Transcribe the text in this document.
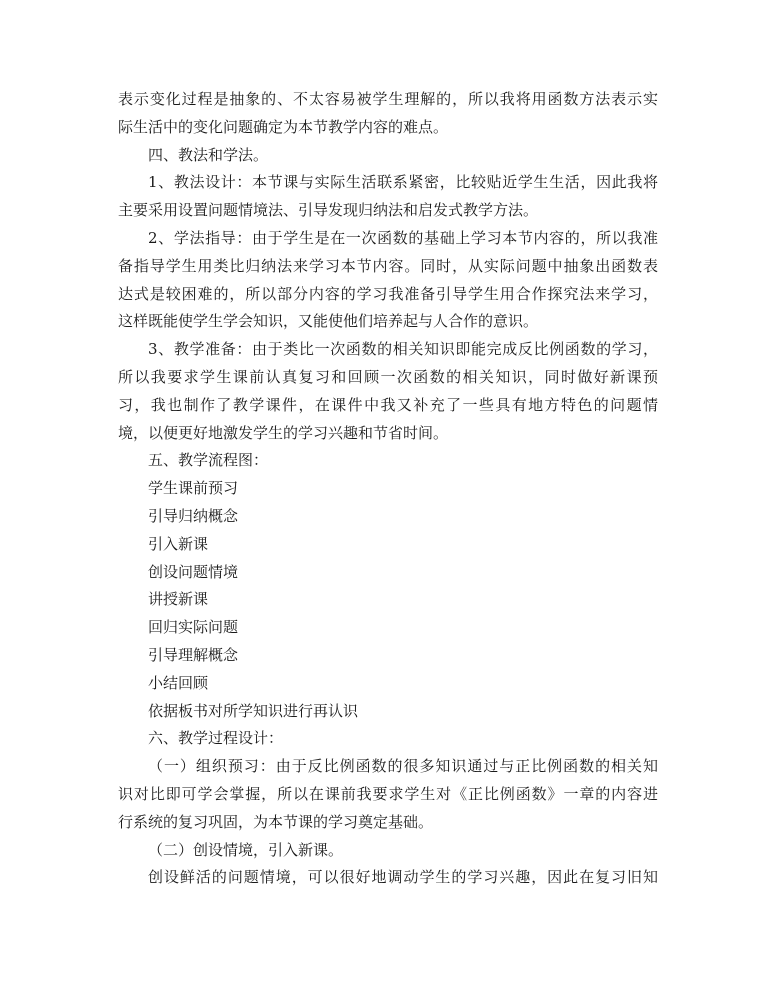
表示变化过程是抽象的、不太容易被学生理解的，所以我将用函数方法表示实
际生活中的变化问题确定为本节教学内容的难点。
四、教法和学法。
1、教法设计：本节课与实际生活联系紧密，比较贴近学生生活，因此我将
主要采用设置问题情境法、引导发现归纳法和启发式教学方法。
2、学法指导：由于学生是在一次函数的基础上学习本节内容的，所以我准
备指导学生用类比归纳法来学习本节内容。同时，从实际问题中抽象出函数表
达式是较困难的，所以部分内容的学习我准备引导学生用合作探究法来学习，
这样既能使学生学会知识，又能使他们培养起与人合作的意识。
3、教学准备：由于类比一次函数的相关知识即能完成反比例函数的学习，
所以我要求学生课前认真复习和回顾一次函数的相关知识，同时做好新课预
习，我也制作了教学课件，在课件中我又补充了一些具有地方特色的问题情
境，以便更好地激发学生的学习兴趣和节省时间。
五、教学流程图：
学生课前预习
引导归纳概念
引入新课
创设问题情境
讲授新课
回归实际问题
引导理解概念
小结回顾
依据板书对所学知识进行再认识
六、教学过程设计：
（一）组织预习：由于反比例函数的很多知识通过与正比例函数的相关知
识对比即可学会掌握，所以在课前我要求学生对《正比例函数》一章的内容进
行系统的复习巩固，为本节课的学习奠定基础。
（二）创设情境，引入新课。
创设鲜活的问题情境，可以很好地调动学生的学习兴趣，因此在复习旧知
